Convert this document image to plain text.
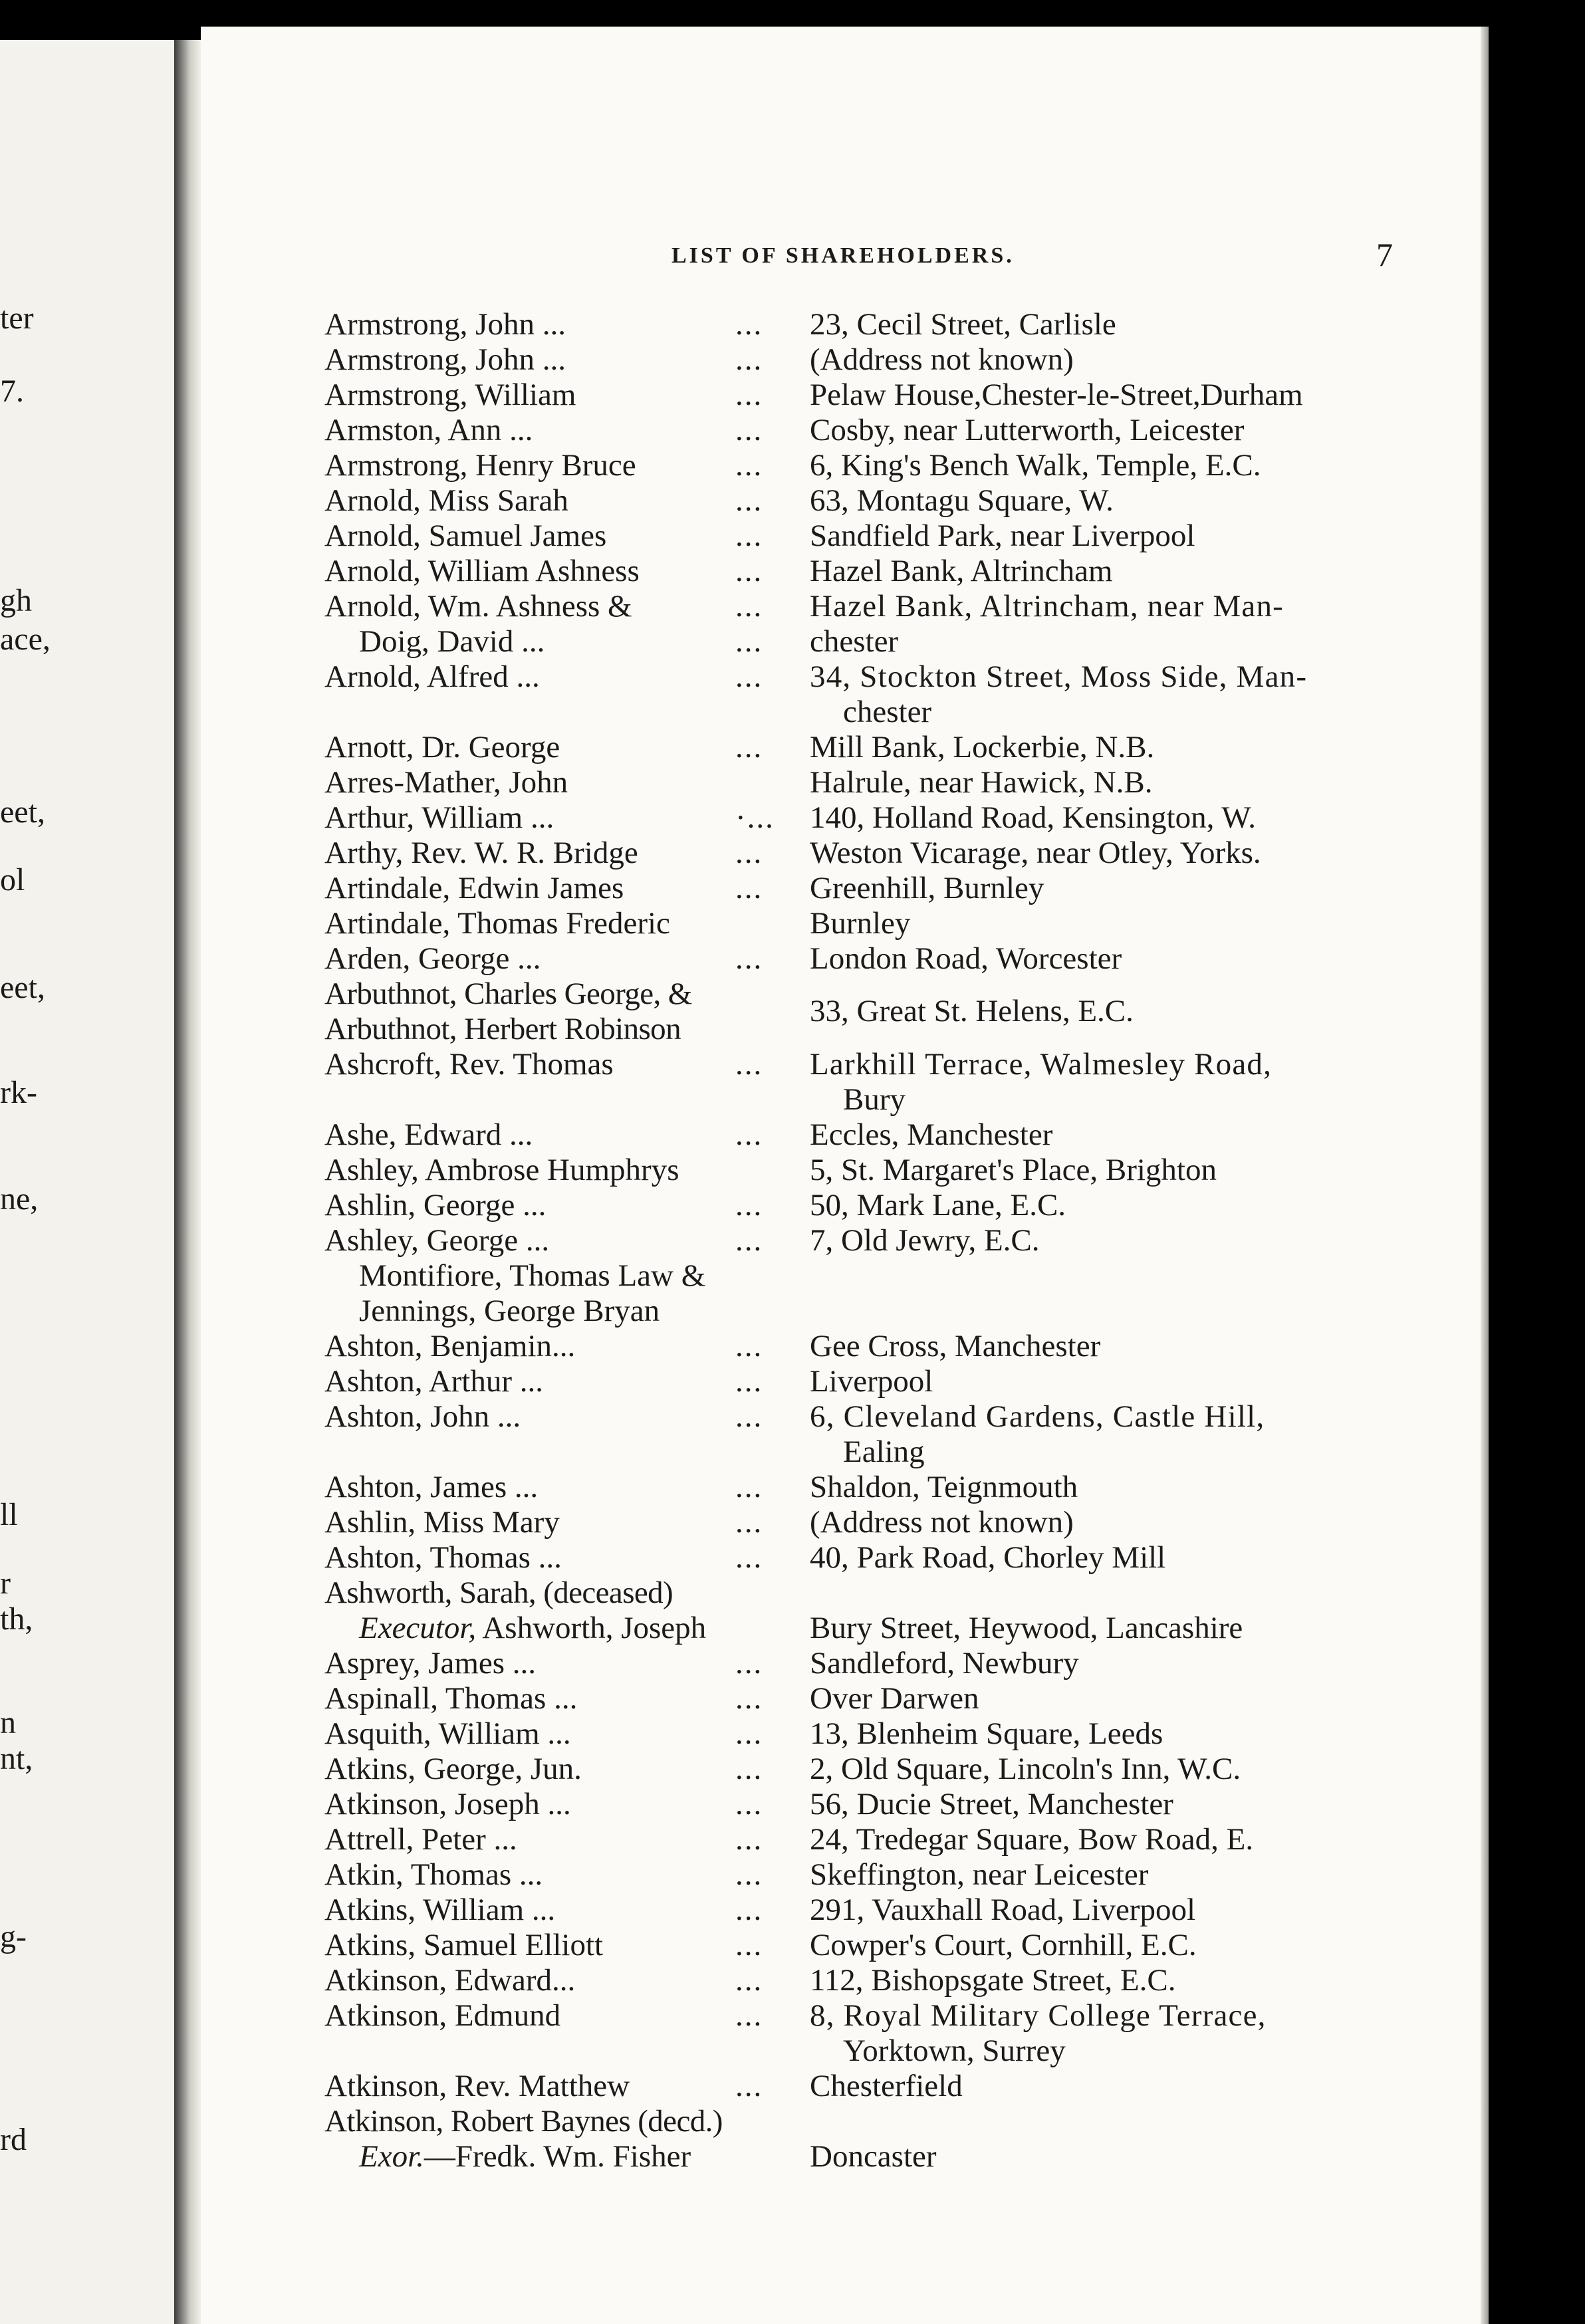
ter
7.
gh
ace,
eet,
ol
eet,
rk-
ne,
ll
r
th,
n
nt,
g-
rd
LIST OF SHAREHOLDERS.	7
Armstrong, John ...	... 23, Cecil Street, Carlisle
Armstrong, John ...	... (Address not known)
Armstrong, William	... Pelaw House,Chester-le-Street,Durham
Armston, Ann ...	... Cosby, near Lutterworth, Leicester
Armstrong, Henry Bruce	... 6, King's Bench Walk, Temple, E.C.
Arnold, Miss Sarah	... 63, Montagu Square, W.
Arnold, Samuel James	... Sandfield Park, near Liverpool
Arnold, William Ashness	... Hazel Bank, Altrincham
Arnold, Wm. Ashness &	... Hazel Bank, Altrincham, near Man-
Doig, David ...	... chester
Arnold, Alfred ...	... 34, Stockton Street, Moss Side, Man-
chester
Arnott, Dr. George	... Mill Bank, Lockerbie, N.B.
Arres-Mather, John	Halrule, near Hawick, N.B.
Arthur, William ...	·... 140, Holland Road, Kensington, W.
Arthy, Rev. W. R. Bridge	... Weston Vicarage, near Otley, Yorks.
Artindale, Edwin James	... Greenhill, Burnley
Artindale, Thomas Frederic	Burnley
Arden, George ...	... London Road, Worcester
Arbuthnot, Charles George, &	33, Great St. Helens, E.C.
Arbuthnot, Herbert Robinson
Ashcroft, Rev. Thomas	... Larkhill Terrace, Walmesley Road,
Bury
Ashe, Edward ...	... Eccles, Manchester
Ashley, Ambrose Humphrys	5, St. Margaret's Place, Brighton
Ashlin, George ...	... 50, Mark Lane, E.C.
Ashley, George ...	... 7, Old Jewry, E.C.
Montifiore, Thomas Law &
Jennings, George Bryan
Ashton, Benjamin...	... Gee Cross, Manchester
Ashton, Arthur ...	... Liverpool
Ashton, John ...	... 6, Cleveland Gardens, Castle Hill,
Ealing
Ashton, James ...	... Shaldon, Teignmouth
Ashlin, Miss Mary	... (Address not known)
Ashton, Thomas ...	... 40, Park Road, Chorley Mill
Ashworth, Sarah, (deceased)
Executor, Ashworth, Joseph	Bury Street, Heywood, Lancashire
Asprey, James ...	... Sandleford, Newbury
Aspinall, Thomas ...	... Over Darwen
Asquith, William ...	... 13, Blenheim Square, Leeds
Atkins, George, Jun.	... 2, Old Square, Lincoln's Inn, W.C.
Atkinson, Joseph ...	... 56, Ducie Street, Manchester
Attrell, Peter ...	... 24, Tredegar Square, Bow Road, E.
Atkin, Thomas ...	... Skeffington, near Leicester
Atkins, William ...	... 291, Vauxhall Road, Liverpool
Atkins, Samuel Elliott	... Cowper's Court, Cornhill, E.C.
Atkinson, Edward...	... 112, Bishopsgate Street, E.C.
Atkinson, Edmund	... 8, Royal Military College Terrace,
Yorktown, Surrey
Atkinson, Rev. Matthew	... Chesterfield
Atkinson, Robert Baynes (decd.)
Exor.—Fredk. Wm. Fisher	Doncaster
